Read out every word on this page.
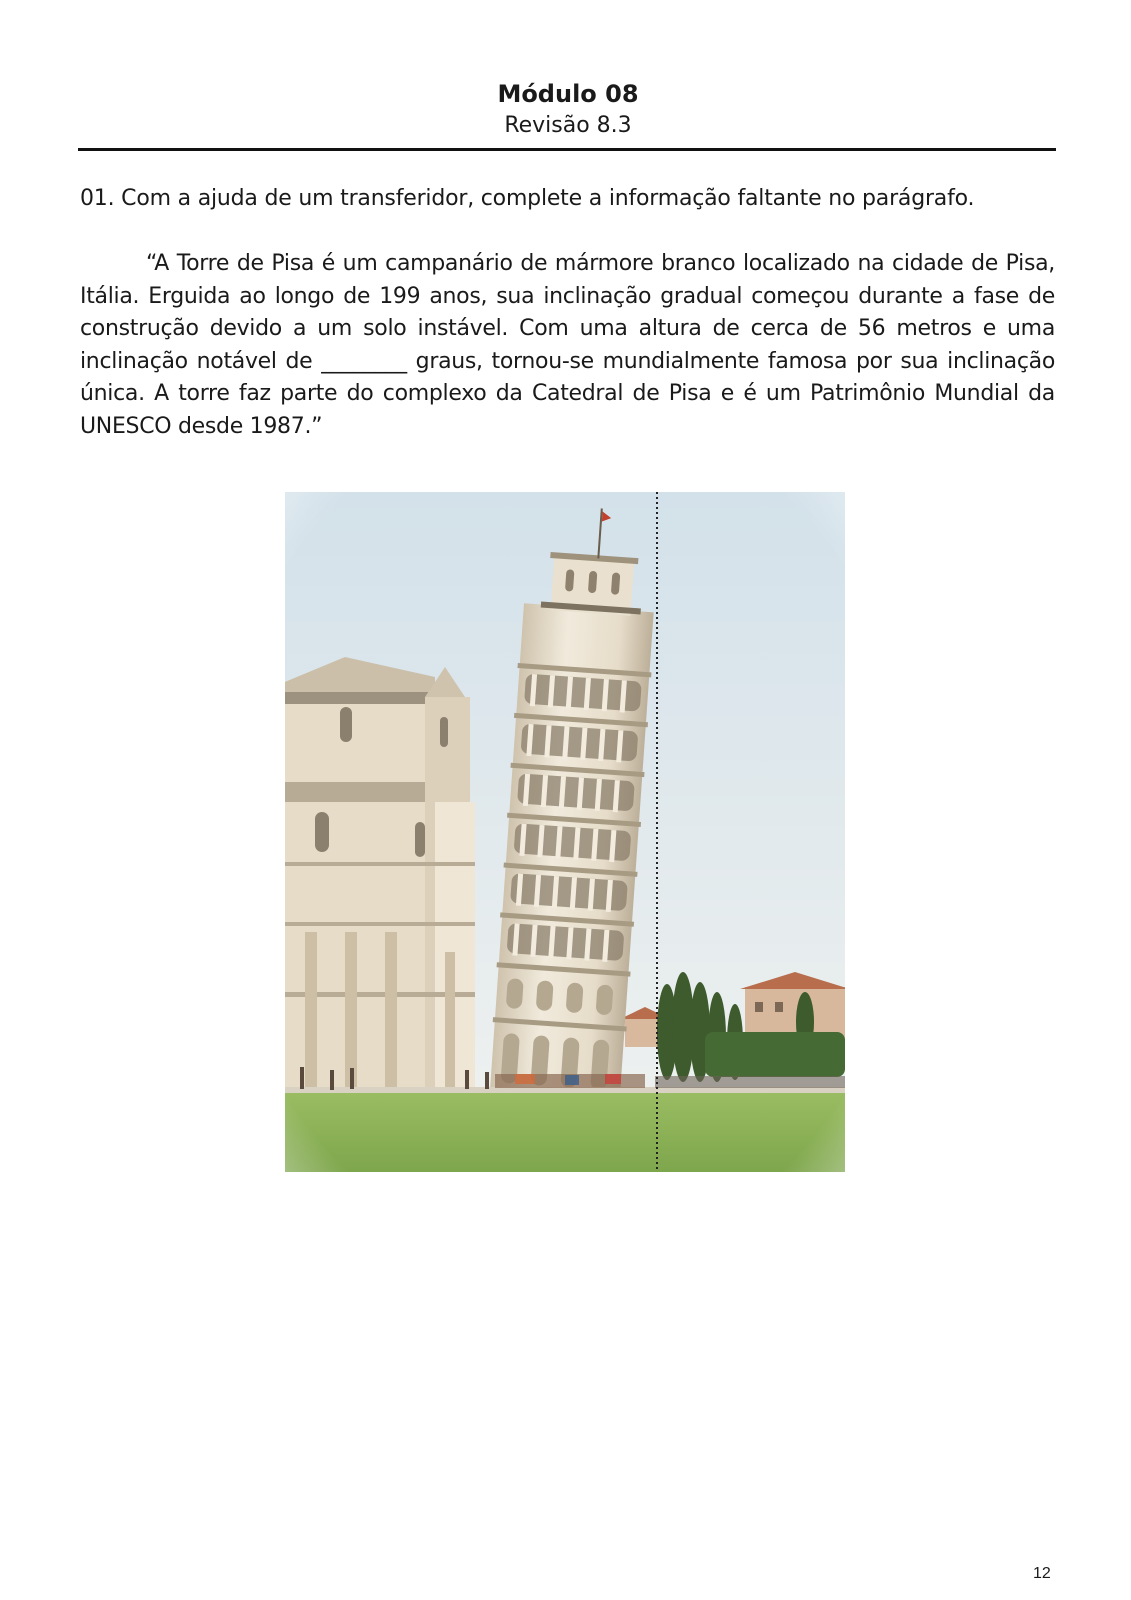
Módulo 08
Revisão 8.3
01. Com a ajuda de um transferidor, complete a informação faltante no parágrafo.
“A Torre de Pisa é um campanário de mármore branco localizado na cidade de Pisa, Itália. Erguida ao longo de 199 anos, sua inclinação gradual começou durante a fase de construção devido a um solo instável. Com uma altura de cerca de 56 metros e uma inclinação notável de ________ graus, tornou-se mundialmente famosa por sua inclinação única. A torre faz parte do complexo da Catedral de Pisa e é um Patrimônio Mundial da UNESCO desde 1987.”
12
